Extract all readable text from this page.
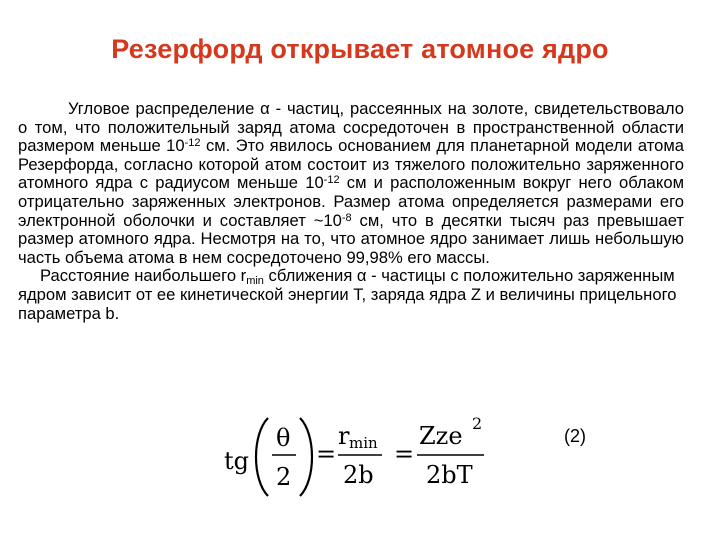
Резерфорд открывает атомное ядро

Угловое распределение α - частиц, рассеянных на золоте, свидетельствовало о том, что положительный заряд атома сосредоточен в пространственной области размером меньше $10^{-12}$ см. Это явилось основанием для планетарной модели атома Резерфорда, согласно которой атом состоит из тяжелого положительно заряженного атомного ядра с радиусом меньше $10^{-12}$ см и расположенным вокруг него облаком отрицательно заряженных электронов. Размер атома определяется размерами его электронной оболочки и составляет $\sim 10^{-8}$ см, что в десятки тысяч раз превышает размер атомного ядра. Несмотря на то, что атомное ядро занимает лишь небольшую часть объема атома в нем сосредоточено 99,98% его массы.

Расстояние наибольшего $r_{min}$ сближения α - частицы с положительно заряженным ядром зависит от ее кинетической энергии T, заряда ядра Z и величины прицельного параметра b.

tg
θ
2
=
r min
2b
=
Zze 2
2bT
(2)
